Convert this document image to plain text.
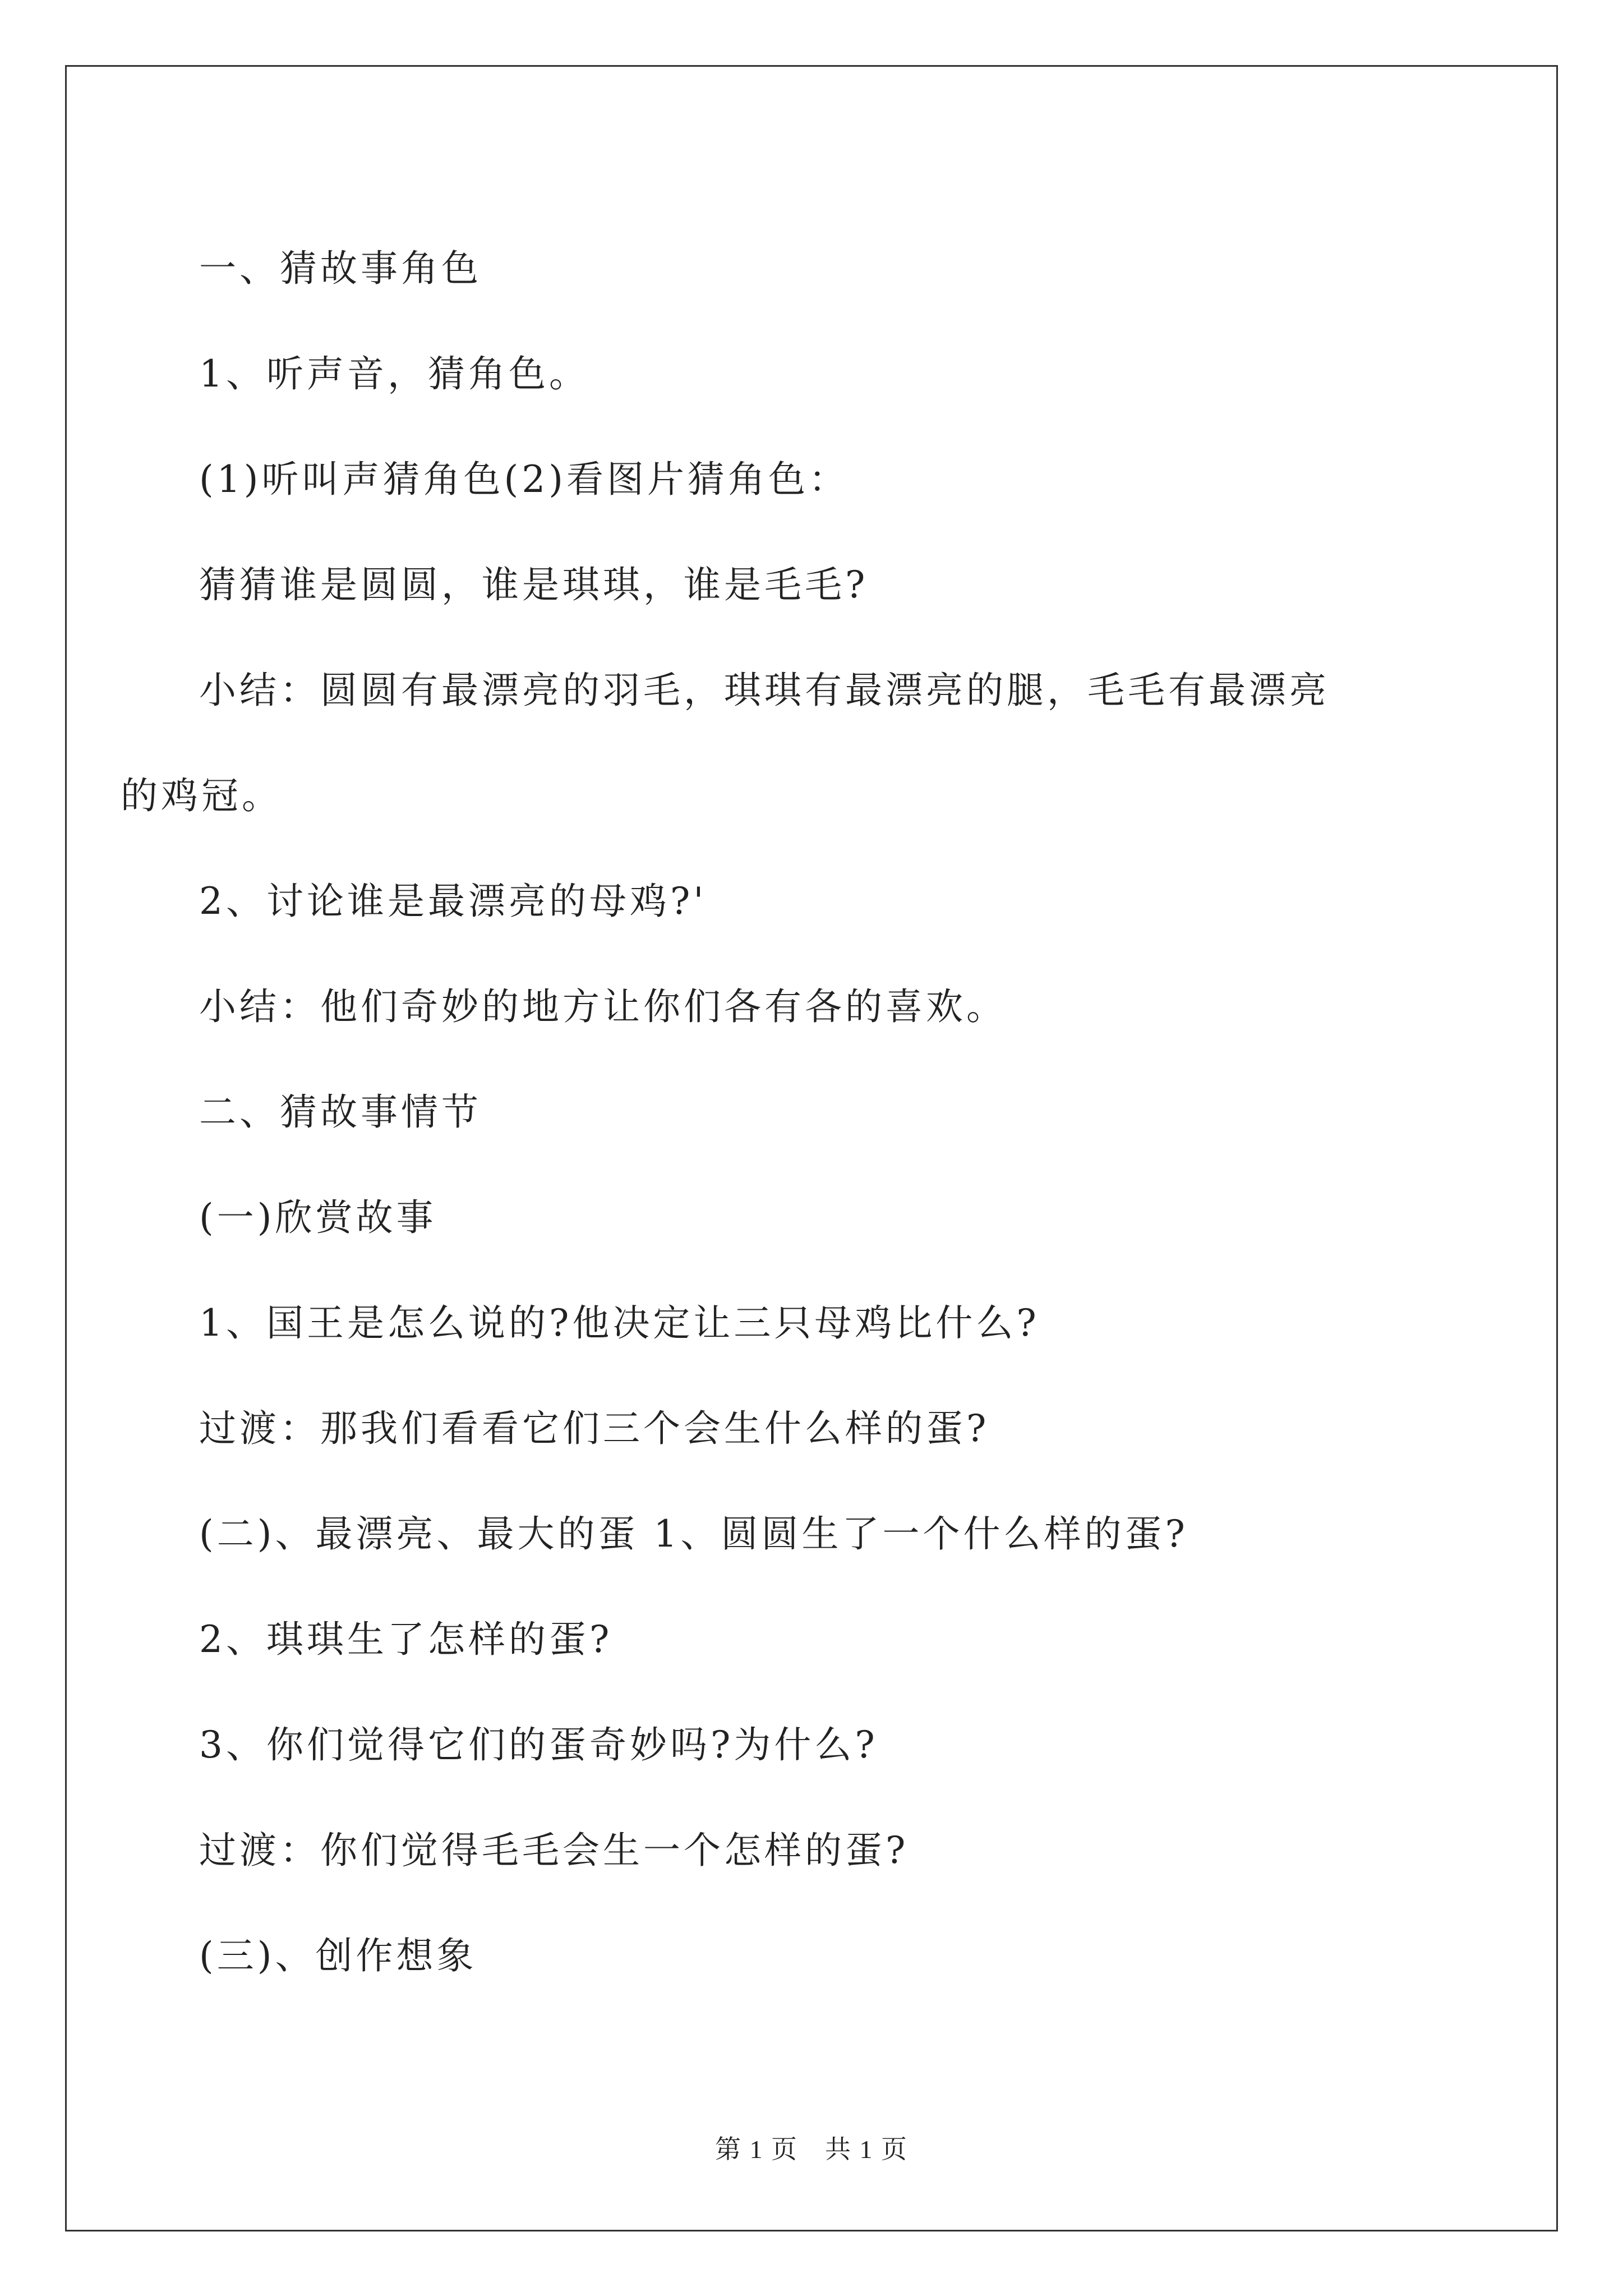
一、猜故事角色
1、听声音，猜角色。
(1)听叫声猜角色(2)看图片猜角色：
猜猜谁是圆圆，谁是琪琪，谁是毛毛?
小结：圆圆有最漂亮的羽毛，琪琪有最漂亮的腿，毛毛有最漂亮的鸡冠。
2、讨论谁是最漂亮的母鸡?'
小结：他们奇妙的地方让你们各有各的喜欢。
二、猜故事情节
(一)欣赏故事
1、国王是怎么说的?他决定让三只母鸡比什么?
过渡：那我们看看它们三个会生什么样的蛋?
(二)、最漂亮、最大的蛋 1、圆圆生了一个什么样的蛋?
2、琪琪生了怎样的蛋?
3、你们觉得它们的蛋奇妙吗?为什么?
过渡：你们觉得毛毛会生一个怎样的蛋?
(三)、创作想象
第 1 页　共 1 页
